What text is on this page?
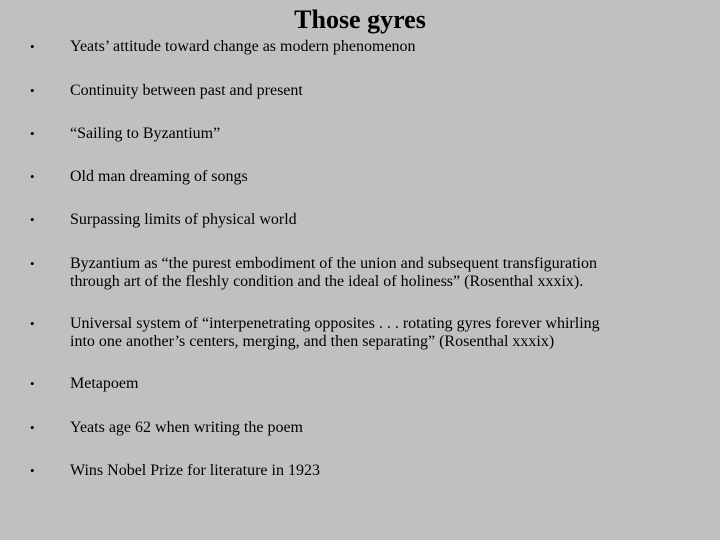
Those gyres
• Yeats’ attitude toward change as modern phenomenon
• Continuity between past and present
• “Sailing to Byzantium”
• Old man dreaming of songs
• Surpassing limits of physical world
• Byzantium as “the purest embodiment of the union and subsequent transfiguration
through art of the fleshly condition and the ideal of holiness” (Rosenthal xxxix).
• Universal system of “interpenetrating opposites . . . rotating gyres forever whirling
into one another’s centers, merging, and then separating” (Rosenthal xxxix)
• Metapoem
• Yeats age 62 when writing the poem
• Wins Nobel Prize for literature in 1923
